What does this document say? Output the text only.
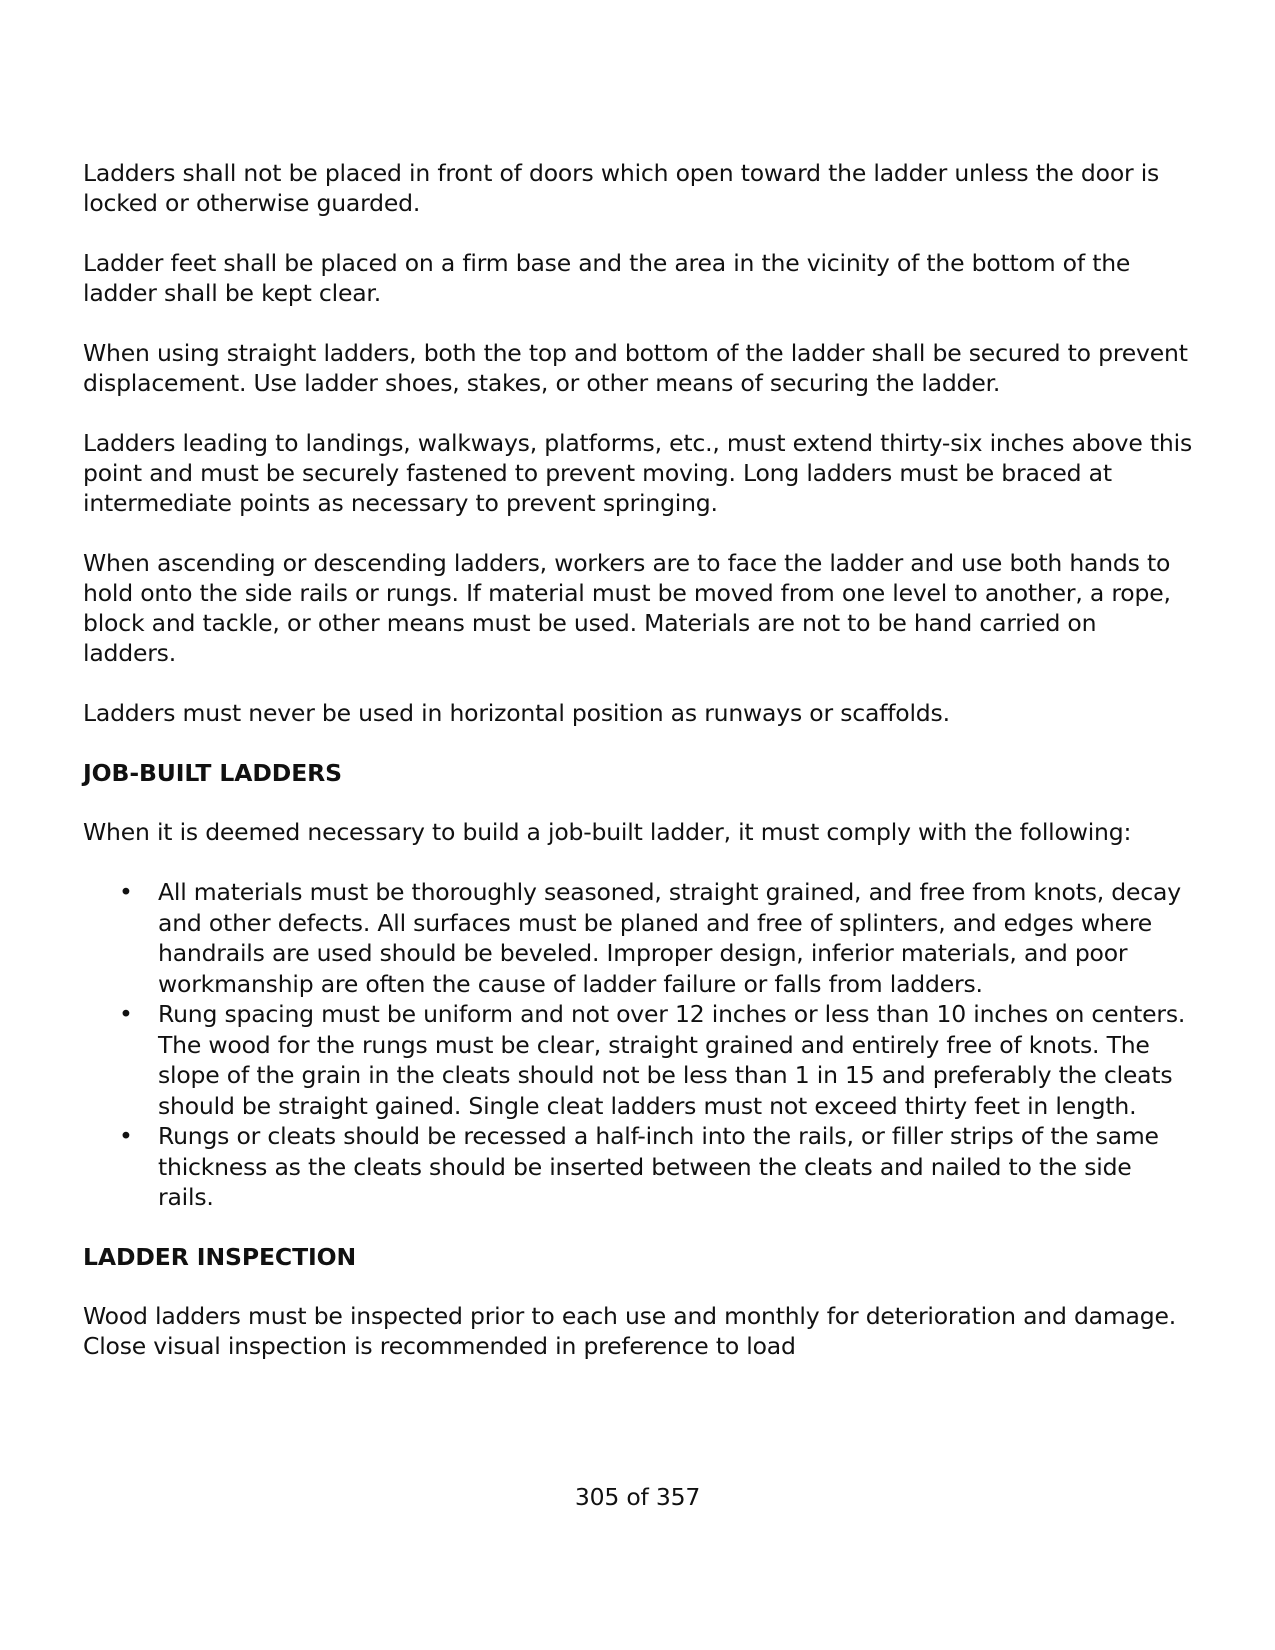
Ladders shall not be placed in front of doors which open toward the ladder unless the door is locked or otherwise guarded.

Ladder feet shall be placed on a firm base and the area in the vicinity of the bottom of the ladder shall be kept clear.

When using straight ladders, both the top and bottom of the ladder shall be secured to prevent displacement. Use ladder shoes, stakes, or other means of securing the ladder.

Ladders leading to landings, walkways, platforms, etc., must extend thirty-six inches above this point and must be securely fastened to prevent moving. Long ladders must be braced at intermediate points as necessary to prevent springing.

When ascending or descending ladders, workers are to face the ladder and use both hands to hold onto the side rails or rungs. If material must be moved from one level to another, a rope, block and tackle, or other means must be used. Materials are not to be hand carried on ladders.

Ladders must never be used in horizontal position as runways or scaffolds.

JOB-BUILT LADDERS

When it is deemed necessary to build a job-built ladder, it must comply with the following:

• All materials must be thoroughly seasoned, straight grained, and free from knots, decay and other defects. All surfaces must be planed and free of splinters, and edges where handrails are used should be beveled. Improper design, inferior materials, and poor workmanship are often the cause of ladder failure or falls from ladders.
• Rung spacing must be uniform and not over 12 inches or less than 10 inches on centers. The wood for the rungs must be clear, straight grained and entirely free of knots. The slope of the grain in the cleats should not be less than 1 in 15 and preferably the cleats should be straight gained. Single cleat ladders must not exceed thirty feet in length.
• Rungs or cleats should be recessed a half-inch into the rails, or filler strips of the same thickness as the cleats should be inserted between the cleats and nailed to the side rails.
LADDER INSPECTION

Wood ladders must be inspected prior to each use and monthly for deterioration and damage. Close visual inspection is recommended in preference to load

305 of 357
